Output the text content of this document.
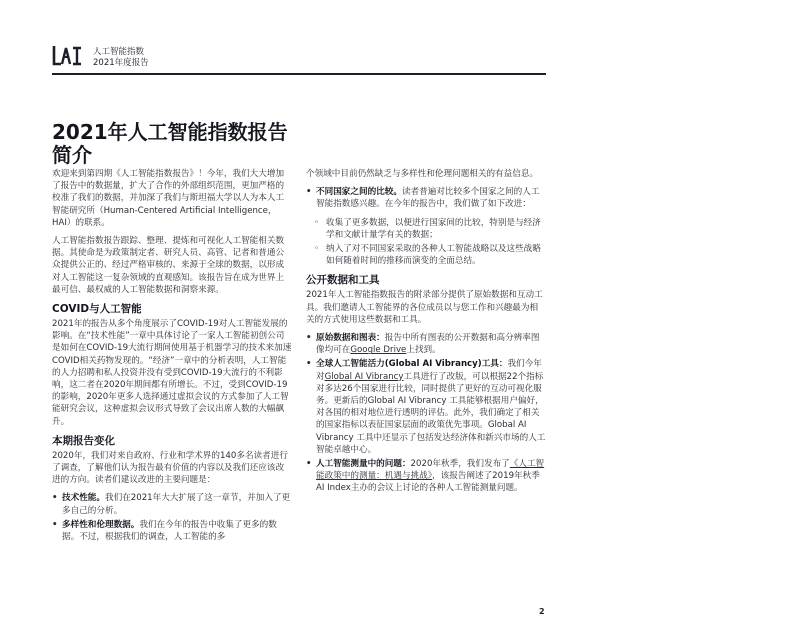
人工智能指数
2021年度报告
2021年人工智能指数报告
简介

欢迎来到第四期《人工智能指数报告》！今年，我们大大增加了报告中的数据量，扩大了合作的外部组织范围，更加严格的校准了我们的数据，并加深了我们与斯坦福大学以人为本人工智能研究所（Human-Centered Artificial Intelligence，HAI）的联系。

人工智能指数报告跟踪、整理、提炼和可视化人工智能相关数据。其使命是为政策制定者、研究人员、高管、记者和普通公众提供公正的、经过严格审核的、来源于全球的数据，以形成对人工智能这一复杂领域的直观感知。该报告旨在成为世界上最可信、最权威的人工智能数据和洞察来源。

COVID与人工智能

2021年的报告从多个角度展示了COVID-19对人工智能发展的影响。在“技术性能”一章中具体讨论了一家人工智能初创公司是如何在COVID-19大流行期间使用基于机器学习的技术来加速COVID相关药物发现的。“经济”一章中的分析表明，人工智能的人力招聘和私人投资并没有受到COVID-19大流行的不利影响，这二者在2020年期间都有所增长。不过，受到COVID-19的影响，2020年更多人选择通过虚拟会议的方式参加了人工智能研究会议，这种虚拟会议形式导致了会议出席人数的大幅飙升。

本期报告变化

2020年，我们对来自政府、行业和学术界的140多名读者进行了调查，了解他们认为报告最有价值的内容以及我们还应该改进的方向。读者们建议改进的主要问题是：

• 技术性能。我们在2021年大大扩展了这一章节，并加入了更多自己的分析。
• 多样性和伦理数据。我们在今年的报告中收集了更多的数据。不过，根据我们的调查，人工智能的多

个领域中目前仍然缺乏与多样性和伦理问题相关的有益信息。

• 不同国家之间的比较。读者普遍对比较多个国家之间的人工智能指数感兴趣。在今年的报告中，我们做了如下改进：
◦ 收集了更多数据，以便进行国家间的比较，特别是与经济学和文献计量学有关的数据；
◦ 纳入了对不同国家采取的各种人工智能战略以及这些战略如何随着时间的推移而演变的全面总结。
公开数据和工具

2021年人工智能指数报告的附录部分提供了原始数据和互动工具。我们邀请人工智能界的各位成员以与您工作和兴趣最为相关的方式使用这些数据和工具。

• 原始数据和图表：报告中所有图表的公开数据和高分辨率图像均可在Google Drive上找到。
• 全球人工智能活力(Global AI Vibrancy)工具：我们今年对Global AI Vibrancy工具进行了改版，可以根据22个指标对多达26个国家进行比较，同时提供了更好的互动可视化服务。更新后的Global AI Vibrancy 工具能够根据用户偏好，对各国的相对地位进行透明的评估。此外，我们确定了相关的国家指标以表征国家层面的政策优先事项。Global AI Vibrancy 工具中还显示了包括发达经济体和新兴市场的人工智能卓越中心。
• 人工智能测量中的问题：2020年秋季，我们发布了《人工智能政策中的测量：机遇与挑战》，该报告阐述了2019年秋季AI Index主办的会议上讨论的各种人工智能测量问题。
2
